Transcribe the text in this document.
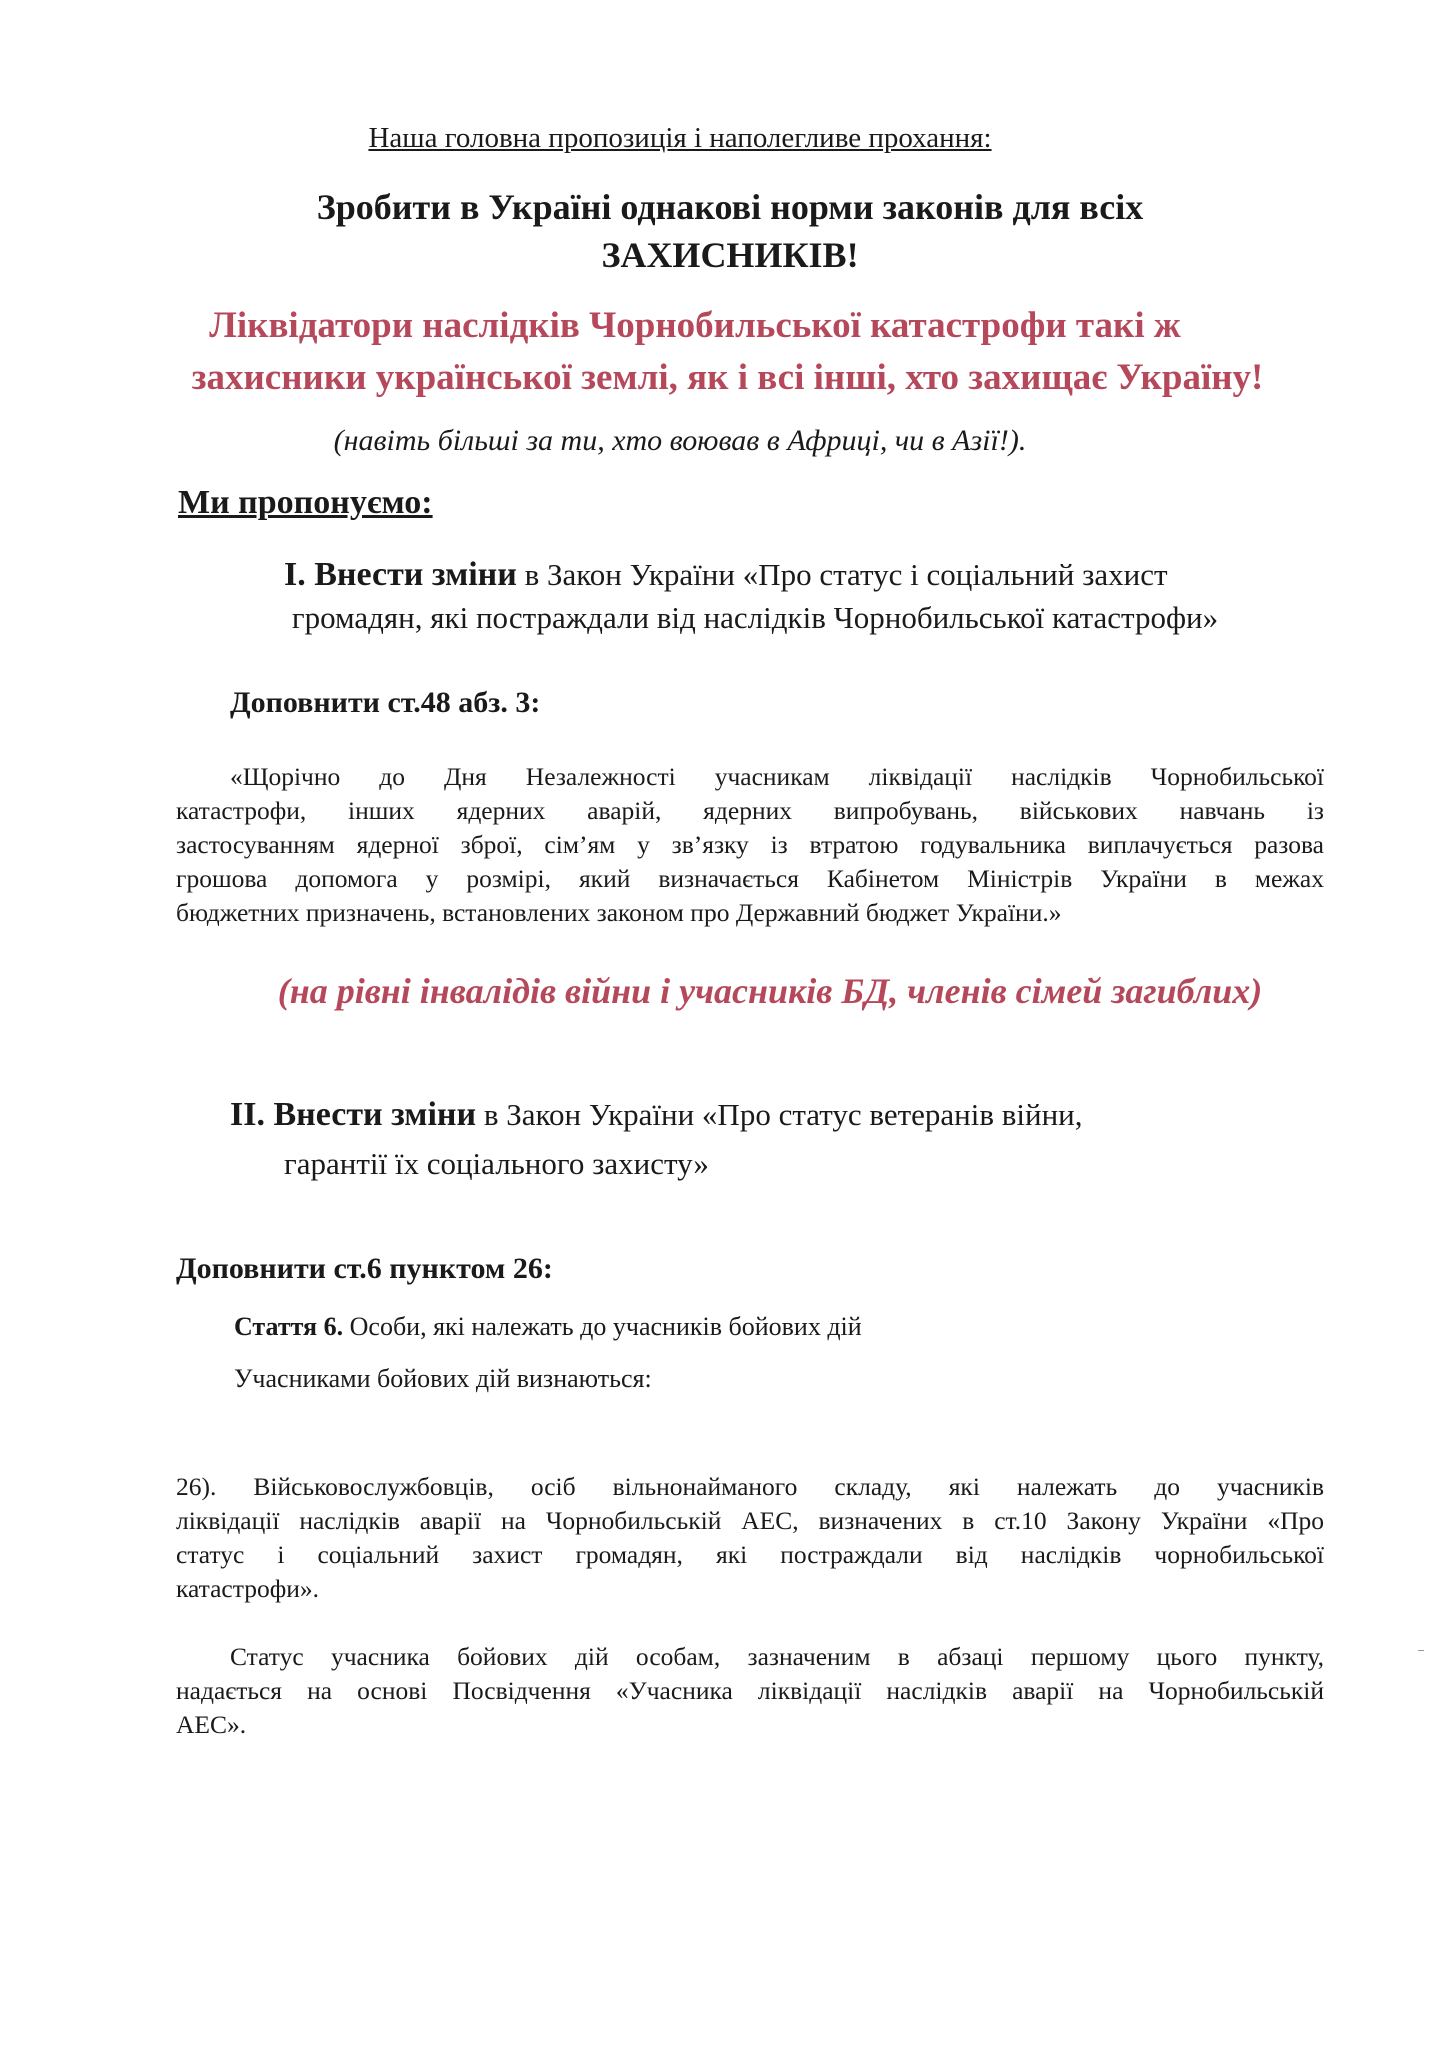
Наша головна пропозиція і наполегливе прохання:

Зробити в Україні однакові норми законів для всіх

ЗАХИСНИКІВ!

Ліквідатори наслідків Чорнобильської катастрофи такі ж

захисники української землі, як і всі інші, хто захищає Україну!

(навіть більші за ти, хто воював в Африці, чи в Азії!).

Ми пропонуємо:

I. Внести зміни в Закон України «Про статус і соціальний захист

громадян, які постраждали від наслідків Чорнобильської катастрофи»

Доповнити ст.48 абз. 3:

«Щорічно до Дня Незалежності учасникам ліквідації наслідків Чорнобильської

катастрофи, інших ядерних аварій, ядерних випробувань, військових навчань із

застосуванням ядерної зброї, сім’ям у зв’язку із втратою годувальника виплачується разова

грошова допомога у розмірі, який визначається Кабінетом Міністрів України в межах

бюджетних призначень, встановлених законом про Державний бюджет України.»

(на рівні інвалідів війни і учасників БД, членів сімей загиблих)

II. Внести зміни в Закон України «Про статус ветеранів війни,

гарантії їх соціального захисту»

Доповнити ст.6 пунктом 26:

Стаття 6. Особи, які належать до учасників бойових дій

Учасниками бойових дій визнаються:

26). Військовослужбовців, осіб вільнонайманого складу, які належать до учасників

ліквідації наслідків аварії на Чорнобильській АЕС, визначених в ст.10 Закону України «Про

статус і соціальний захист громадян, які постраждали від наслідків чорнобильської

катастрофи».

Статус учасника бойових дій особам, зазначеним в абзаці першому цього пункту,

надається на основі Посвідчення «Учасника ліквідації наслідків аварії на Чорнобильській

АЕС».
